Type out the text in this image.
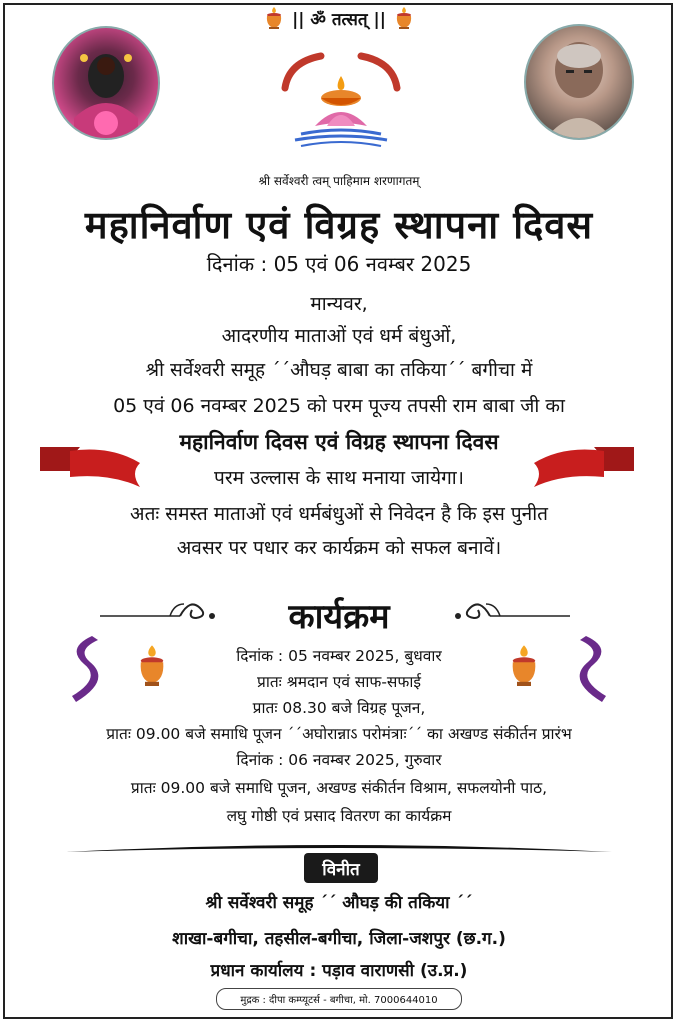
|| ॐ तत्सत् ||
श्री सर्वेश्वरी त्वम् पाहिमाम शरणागतम्
महानिर्वाण एवं विग्रह स्थापना दिवस
दिनांक : 05 एवं 06 नवम्बर 2025
मान्यवर,
आदरणीय माताओं एवं धर्म बंधुओं,
श्री सर्वेश्वरी समूह ´´औघड़ बाबा का तकिया´´ बगीचा में
05 एवं 06 नवम्बर 2025 को परम पूज्य तपसी राम बाबा जी का
महानिर्वाण दिवस एवं विग्रह स्थापना दिवस
परम उल्लास के साथ मनाया जायेगा।
अतः समस्त माताओं एवं धर्मबंधुओं से निवेदन है कि इस पुनीत
अवसर पर पधार कर कार्यक्रम को सफल बनावें।
कार्यक्रम
दिनांक : 05 नवम्बर 2025, बुधवार
प्रातः श्रमदान एवं साफ-सफाई
प्रातः 08.30 बजे विग्रह पूजन,
प्रातः 09.00 बजे समाधि पूजन ´´अघोरान्नाऽ परोमंत्राः´´ का अखण्ड संकीर्तन प्रारंभ
दिनांक : 06 नवम्बर 2025, गुरुवार
प्रातः 09.00 बजे समाधि पूजन, अखण्ड संकीर्तन विश्राम, सफलयोनी पाठ,
लघु गोष्ठी एवं प्रसाद वितरण का कार्यक्रम
विनीत
श्री सर्वेश्वरी समूह ´´ औघड़ की तकिया ´´
शाखा-बगीचा, तहसील-बगीचा, जिला-जशपुर (छ.ग.)
प्रधान कार्यालय : पड़ाव वाराणसी (उ.प्र.)
मुद्रक : दीपा कम्प्यूटर्स - बगीचा, मो. 7000644010
